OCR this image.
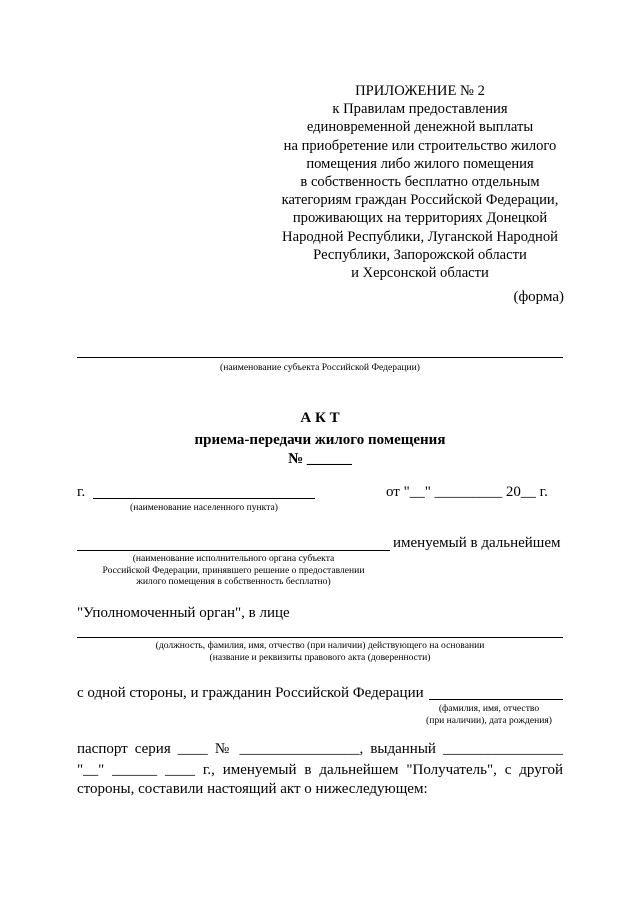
ПРИЛОЖЕНИЕ № 2
к Правилам предоставления
единовременной денежной выплаты
на приобретение или строительство жилого
помещения либо жилого помещения
в собственность бесплатно отдельным
категориям граждан Российской Федерации,
проживающих на территориях Донецкой
Народной Республики, Луганской Народной
Республики, Запорожской области
и Херсонской области
(форма)
(наименование субъекта Российской Федерации)
А К Т
приема-передачи жилого помещения
№ ______
г.
(наименование населенного пункта)
от "__" _________ 20__ г.
именуемый в дальнейшем
(наименование исполнительного органа субъекта
Российской Федерации, принявшего решение о предоставлении
жилого помещения в собственность бесплатно)
"Уполномоченный орган", в лице
(должность, фамилия, имя, отчество (при наличии) действующего на основании
(название и реквизиты правового акта (доверенности)
с одной стороны, и гражданин Российской Федерации
(фамилия, имя, отчество
(при наличии), дата рождения)
паспорт серия ____ № ________________, выданный ________________
"__" ______ ____ г., именуемый в дальнейшем "Получатель", с другой
стороны, составили настоящий акт о нижеследующем:
